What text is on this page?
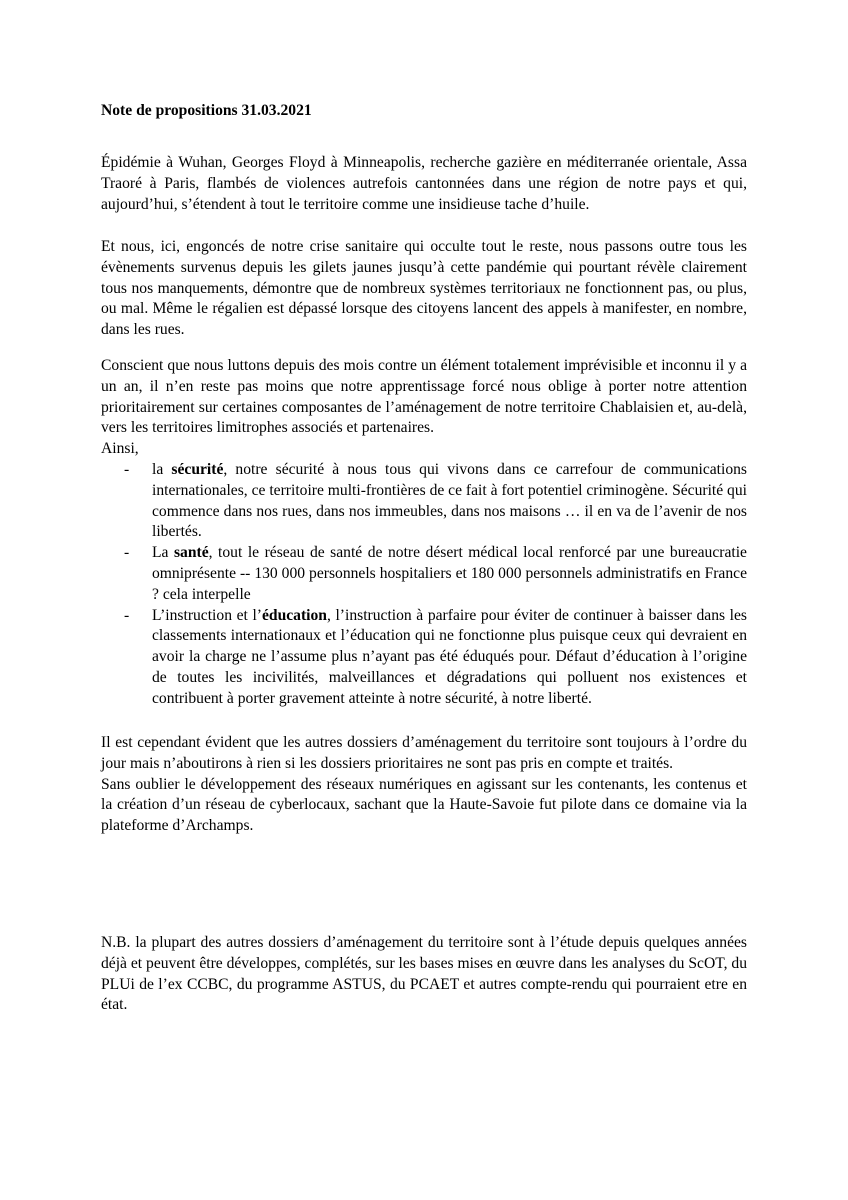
Note de propositions 31.03.2021

Épidémie à Wuhan, Georges Floyd à Minneapolis, recherche gazière en méditerranée orientale, Assa Traoré à Paris, flambés de violences autrefois cantonnées dans une région de notre pays et qui, aujourd’hui, s’étendent à tout le territoire comme une insidieuse tache d’huile.

Et nous, ici, engoncés de notre crise sanitaire qui occulte tout le reste, nous passons outre tous les évènements survenus depuis les gilets jaunes jusqu’à cette pandémie qui pourtant révèle clairement tous nos manquements, démontre que de nombreux systèmes territoriaux ne fonctionnent pas, ou plus, ou mal. Même le régalien est dépassé lorsque des citoyens lancent des appels à manifester, en nombre, dans les rues.

Conscient que nous luttons depuis des mois contre un élément totalement imprévisible et inconnu il y a un an, il n’en reste pas moins que notre apprentissage forcé nous oblige à porter notre attention prioritairement sur certaines composantes de l’aménagement de notre territoire Chablaisien et, au-delà, vers les territoires limitrophes associés et partenaires.

Ainsi,

- la sécurité, notre sécurité à nous tous qui vivons dans ce carrefour de communications internationales, ce territoire multi-frontières de ce fait à fort potentiel criminogène. Sécurité qui commence dans nos rues, dans nos immeubles, dans nos maisons … il en va de l’avenir de nos libertés.
- La santé, tout le réseau de santé de notre désert médical local renforcé par une bureaucratie omniprésente -- 130 000 personnels hospitaliers et 180 000 personnels administratifs en France ? cela interpelle
- L’instruction et l’éducation, l’instruction à parfaire pour éviter de continuer à baisser dans les classements internationaux et l’éducation qui ne fonctionne plus puisque ceux qui devraient en avoir la charge ne l’assume plus n’ayant pas été éduqués pour. Défaut d’éducation à l’origine de toutes les incivilités, malveillances et dégradations qui polluent nos existences et contribuent à porter gravement atteinte à notre sécurité, à notre liberté.

Il est cependant évident que les autres dossiers d’aménagement du territoire sont toujours à l’ordre du jour mais n’aboutirons à rien si les dossiers prioritaires ne sont pas pris en compte et traités.

Sans oublier le développement des réseaux numériques en agissant sur les contenants, les contenus et la création d’un réseau de cyberlocaux, sachant que la Haute-Savoie fut pilote dans ce domaine via la plateforme d’Archamps.

N.B. la plupart des autres dossiers d’aménagement du territoire sont à l’étude depuis quelques années déjà et peuvent être développes, complétés, sur les bases mises en œuvre dans les analyses du ScOT, du PLUi de l’ex CCBC, du programme ASTUS, du PCAET et autres compte-rendu qui pourraient etre en état.
